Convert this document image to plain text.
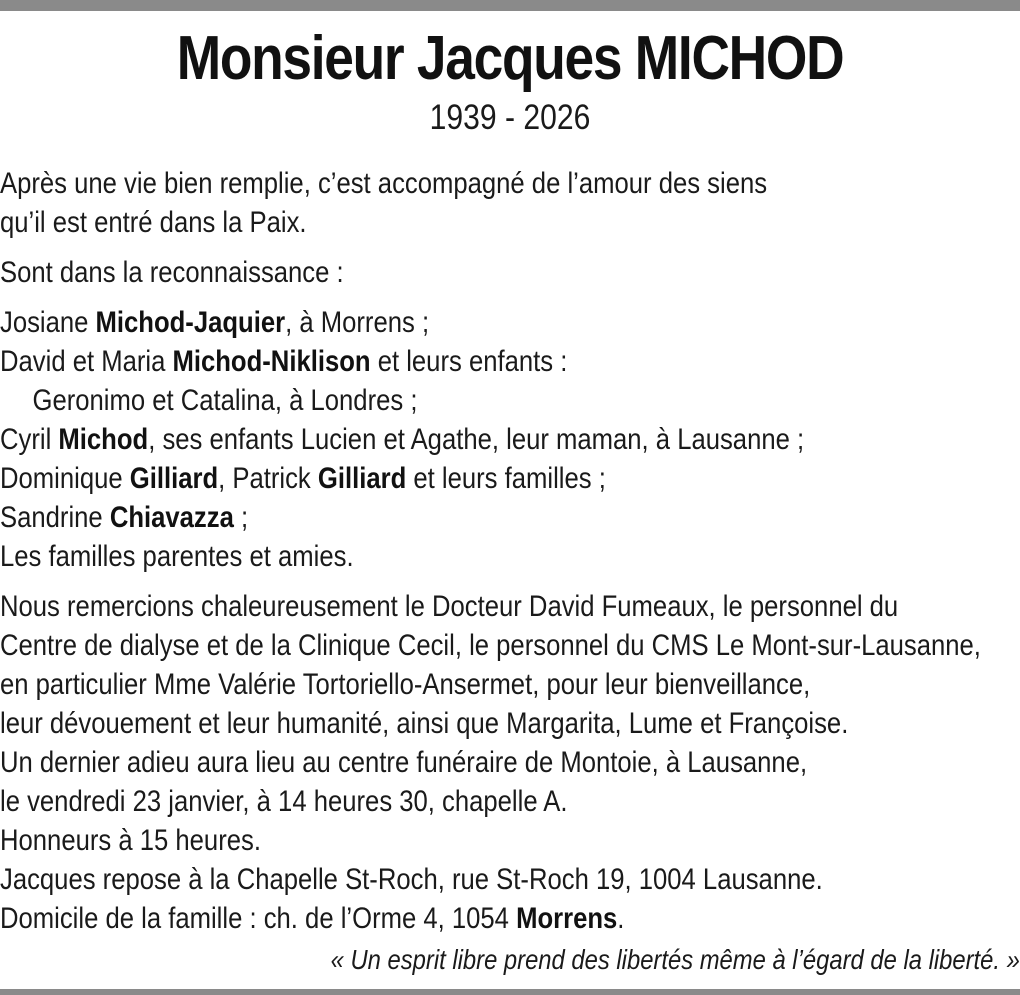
Monsieur Jacques MICHOD
1939 - 2026
Après une vie bien remplie, c’est accompagné de l’amour des siens
qu’il est entré dans la Paix.
Sont dans la reconnaissance :
Josiane Michod-Jaquier, à Morrens ;
David et Maria Michod-Niklison et leurs enfants :
Geronimo et Catalina, à Londres ;
Cyril Michod, ses enfants Lucien et Agathe, leur maman, à Lausanne ;
Dominique Gilliard, Patrick Gilliard et leurs familles ;
Sandrine Chiavazza ;
Les familles parentes et amies.
Nous remercions chaleureusement le Docteur David Fumeaux, le personnel du
Centre de dialyse et de la Clinique Cecil, le personnel du CMS Le Mont-sur-Lausanne,
en particulier Mme Valérie Tortoriello-Ansermet, pour leur bienveillance,
leur dévouement et leur humanité, ainsi que Margarita, Lume et Françoise.
Un dernier adieu aura lieu au centre funéraire de Montoie, à Lausanne,
le vendredi 23 janvier, à 14 heures 30, chapelle A.
Honneurs à 15 heures.
Jacques repose à la Chapelle St-Roch, rue St-Roch 19, 1004 Lausanne.
Domicile de la famille : ch. de l’Orme 4, 1054 Morrens.
« Un esprit libre prend des libertés même à l’égard de la liberté. »
